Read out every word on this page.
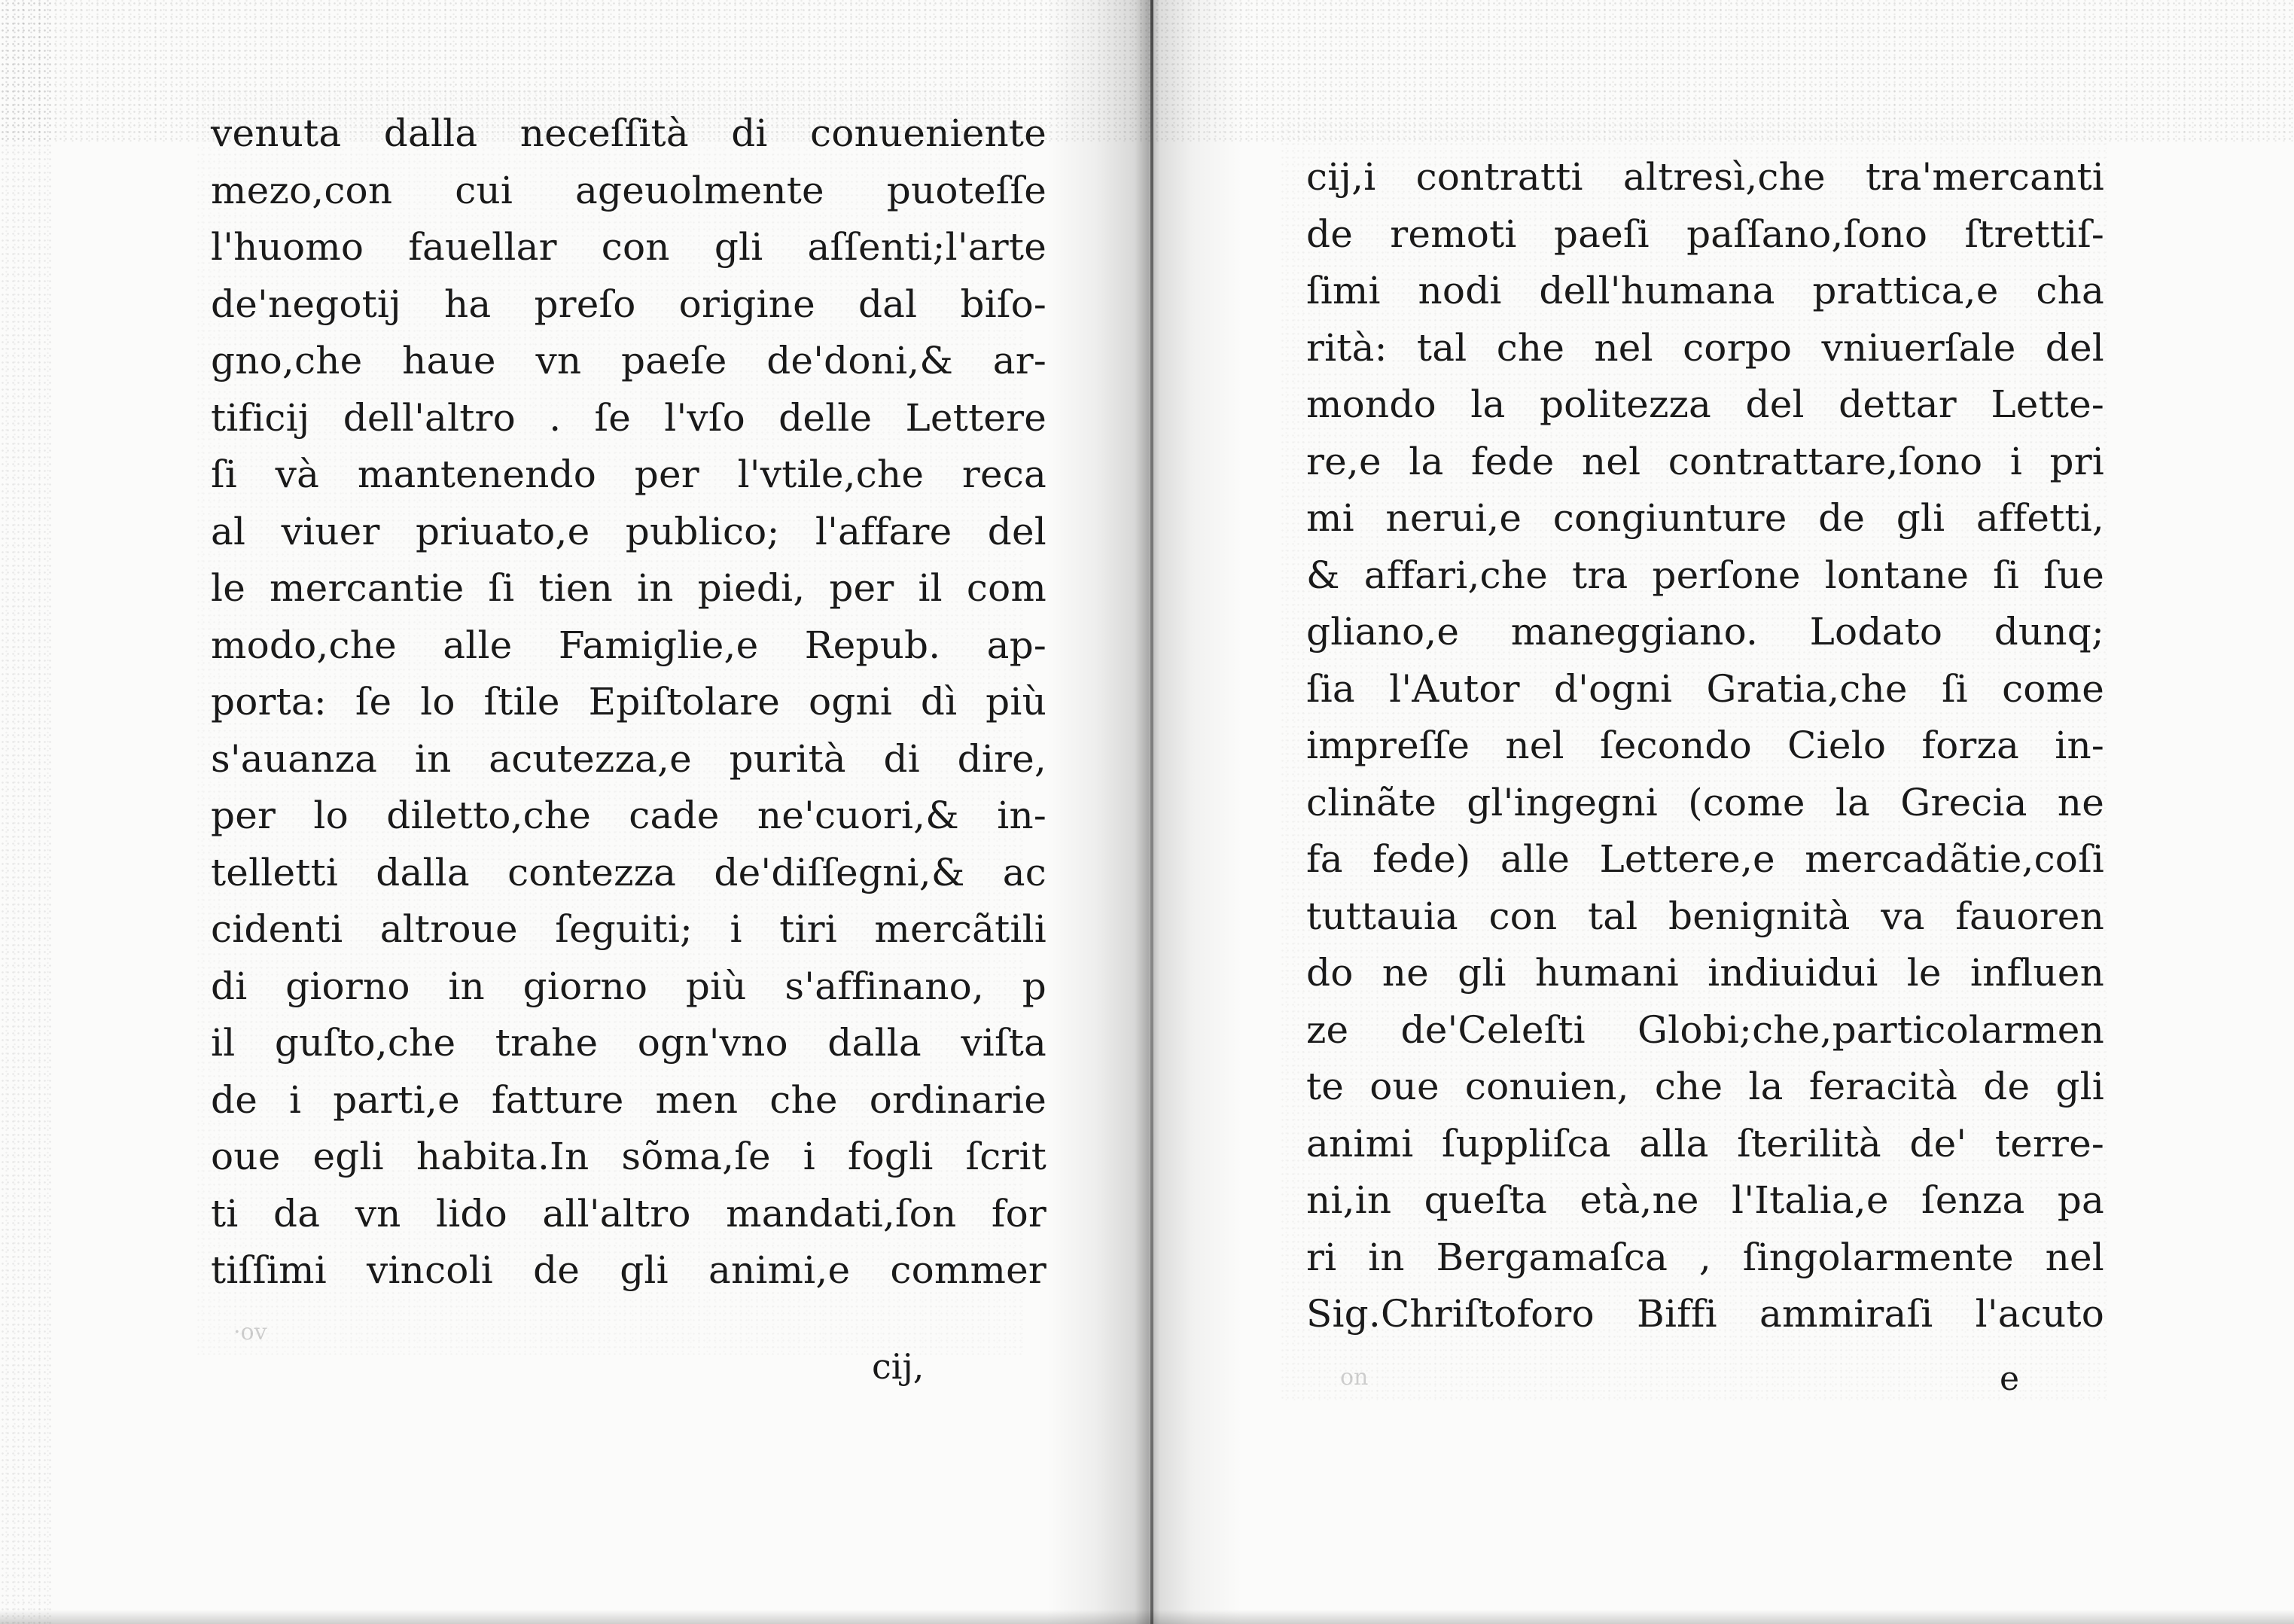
·ov
on
venuta dalla neceſſità di conueniente
mezo,con cui ageuolmente puoteſſe
l'huomo fauellar con gli aſſenti;l'arte
de'negotij ha preſo origine dal biſo-
gno,che haue vn paeſe de'doni,& ar-
tificij dell'altro . ſe l'vſo delle Lettere
ſi và mantenendo per l'vtile,che reca
al viuer priuato,e publico; l'affare del
le mercantie ſi tien in piedi, per il com
modo,che alle Famiglie,e Repub. ap-
porta: ſe lo ſtile Epiſtolare ogni dì più
s'auanza in acutezza,e purità di dire,
per lo diletto,che cade ne'cuori,& in-
telletti dalla contezza de'diſſegni,& ac
cidenti altroue ſeguiti; i tiri mercãtili
di giorno in giorno più s'affinano, p
il guſto,che trahe ogn'vno dalla viſta
de i parti,e fatture men che ordinarie
oue egli habita.In sõma,ſe i fogli ſcrit
ti da vn lido all'altro mandati,ſon for
tiſſimi vincoli de gli animi,e commer
cij,
cij,i contratti altresì,che tra'mercanti
de remoti paeſi paſſano,ſono ſtrettiſ-
ſimi nodi dell'humana prattica,e cha
rità: tal che nel corpo vniuerſale del
mondo la politezza del dettar Lette-
re,e la fede nel contrattare,ſono i pri
mi nerui,e congiunture de gli affetti,
& affari,che tra perſone lontane ſi ſue
gliano,e maneggiano. Lodato dunq;
ſia l'Autor d'ogni Gratia,che ſi come
impreſſe nel ſecondo Cielo forza in-
clinãte gl'ingegni (come la Grecia ne
fa fede) alle Lettere,e mercadãtie,coſi
tuttauia con tal benignità va fauoren
do ne gli humani indiuidui le influen
ze de'Celeſti Globi;che,particolarmen
te oue conuien, che la feracità de gli
animi ſuppliſca alla ſterilità de' terre-
ni,in queſta età,ne l'Italia,e ſenza pa
ri in Bergamaſca , ſingolarmente nel
Sig.Chriſtoforo Biffi ammiraſi l'acuto
e
